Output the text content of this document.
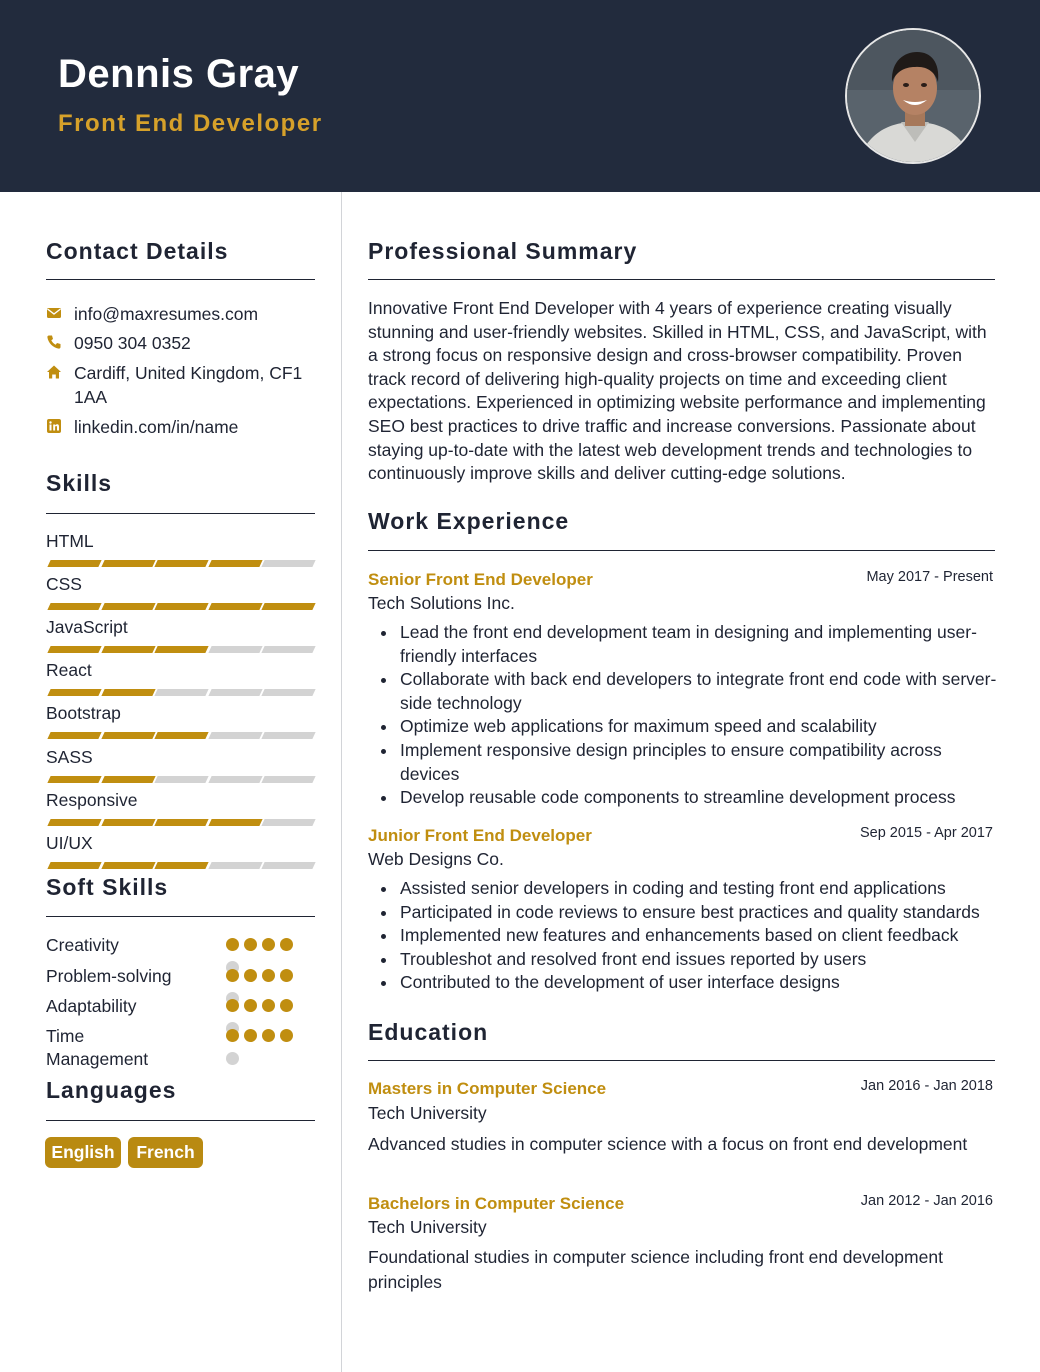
Dennis Gray
Front End Developer
Contact Details
info@maxresumes.com
0950 304 0352
Cardiff, United Kingdom, CF1 1AA
linkedin.com/in/name
Skills
HTML
CSS
JavaScript
React
Bootstrap
SASS
Responsive
UI/UX
Soft Skills
Creativity
Problem-solving
Adaptability
Time Management
Languages
English	French
Professional Summary
Innovative Front End Developer with 4 years of experience creating visually stunning and user-friendly websites. Skilled in HTML, CSS, and JavaScript, with a strong focus on responsive design and cross-browser compatibility. Proven track record of delivering high-quality projects on time and exceeding client expectations. Experienced in optimizing website performance and implementing SEO best practices to drive traffic and increase conversions. Passionate about staying up-to-date with the latest web development trends and technologies to continuously improve skills and deliver cutting-edge solutions.
Work Experience
Senior Front End Developer	May 2017 - Present
Tech Solutions Inc.
Lead the front end development team in designing and implementing user-friendly interfaces
Collaborate with back end developers to integrate front end code with server-side technology
Optimize web applications for maximum speed and scalability
Implement responsive design principles to ensure compatibility across devices
Develop reusable code components to streamline development process
Junior Front End Developer	Sep 2015 - Apr 2017
Web Designs Co.
Assisted senior developers in coding and testing front end applications
Participated in code reviews to ensure best practices and quality standards
Implemented new features and enhancements based on client feedback
Troubleshot and resolved front end issues reported by users
Contributed to the development of user interface designs
Education
Masters in Computer Science	Jan 2016 - Jan 2018
Tech University
Advanced studies in computer science with a focus on front end development
Bachelors in Computer Science	Jan 2012 - Jan 2016
Tech University
Foundational studies in computer science including front end development principles
